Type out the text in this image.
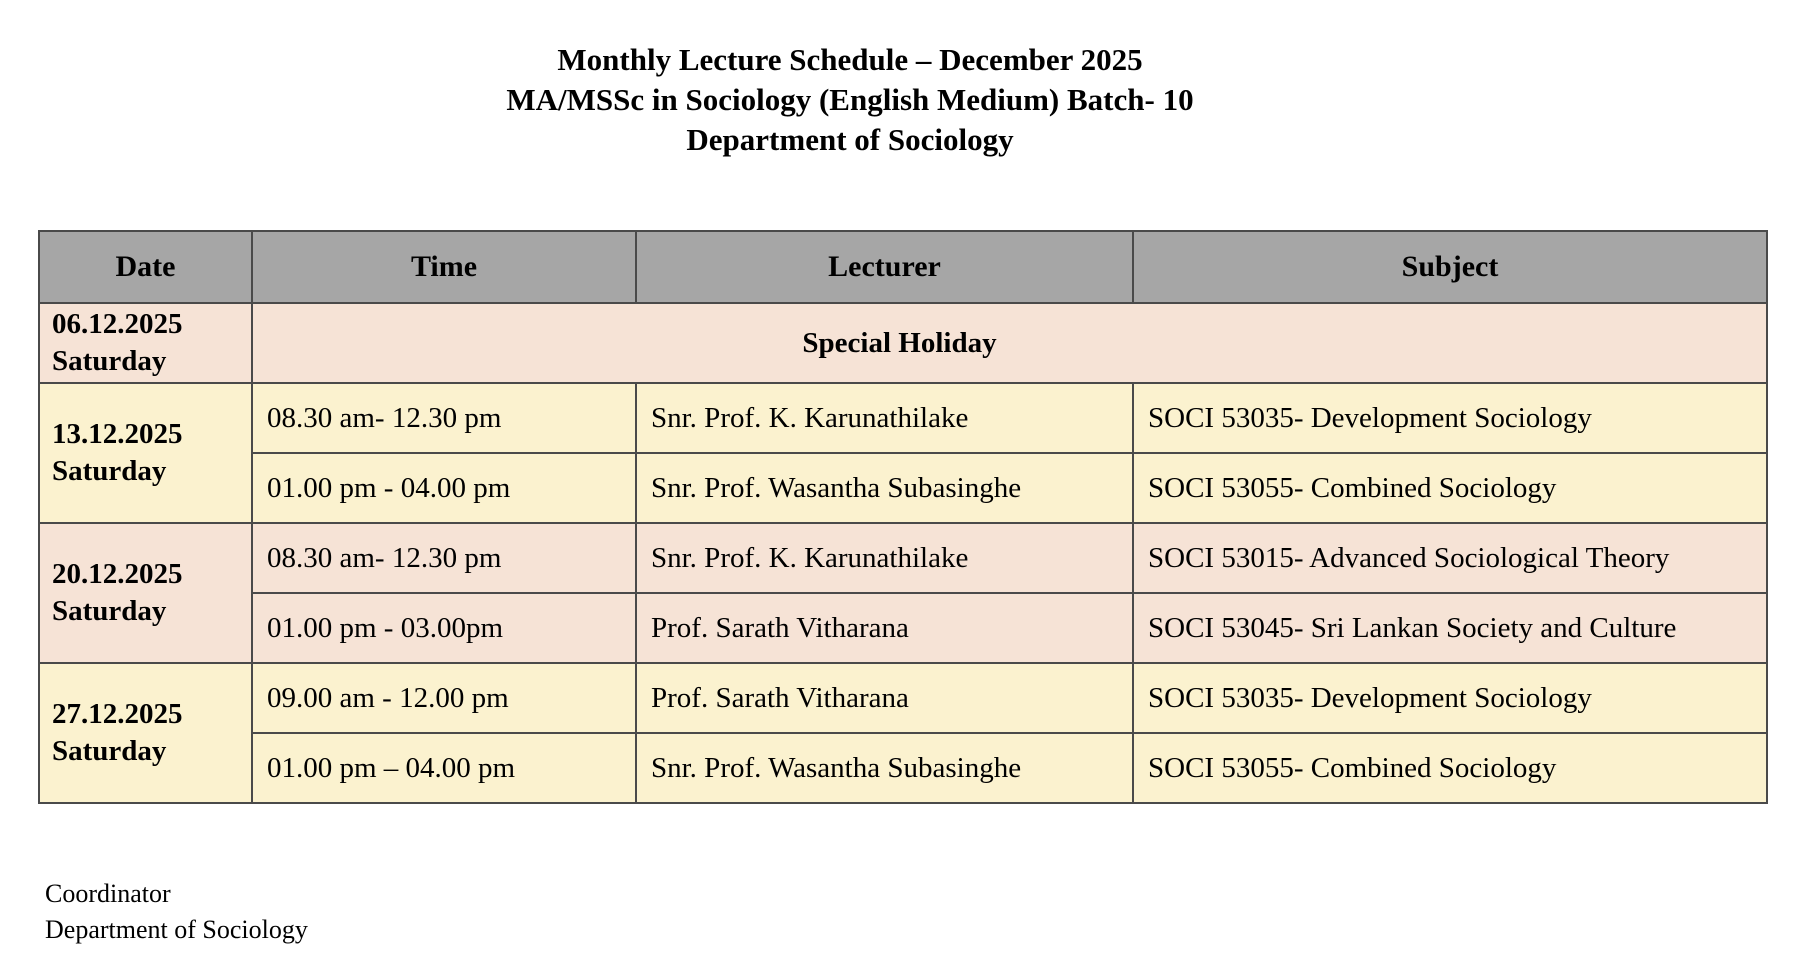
Monthly Lecture Schedule – December 2025
MA/MSSc in Sociology (English Medium) Batch- 10
Department of Sociology
Date	Time	Lecturer	Subject

06.12.2025
Saturday	Special Holiday		

13.12.2025
Saturday	08.30 am- 12.30 pm	Snr. Prof. K. Karunathilake	SOCI 53035- Development Sociology
	01.00 pm - 04.00 pm	Snr. Prof. Wasantha Subasinghe	SOCI 53055- Combined Sociology

20.12.2025
Saturday	08.30 am- 12.30 pm	Snr. Prof. K. Karunathilake	SOCI 53015- Advanced Sociological Theory
	01.00 pm - 03.00pm	Prof. Sarath Vitharana	SOCI 53045- Sri Lankan Society and Culture

27.12.2025
Saturday	09.00 am - 12.00 pm	Prof. Sarath Vitharana	SOCI 53035- Development Sociology
	01.00 pm – 04.00 pm	Snr. Prof. Wasantha Subasinghe	SOCI 53055- Combined Sociology
Coordinator
Department of Sociology
